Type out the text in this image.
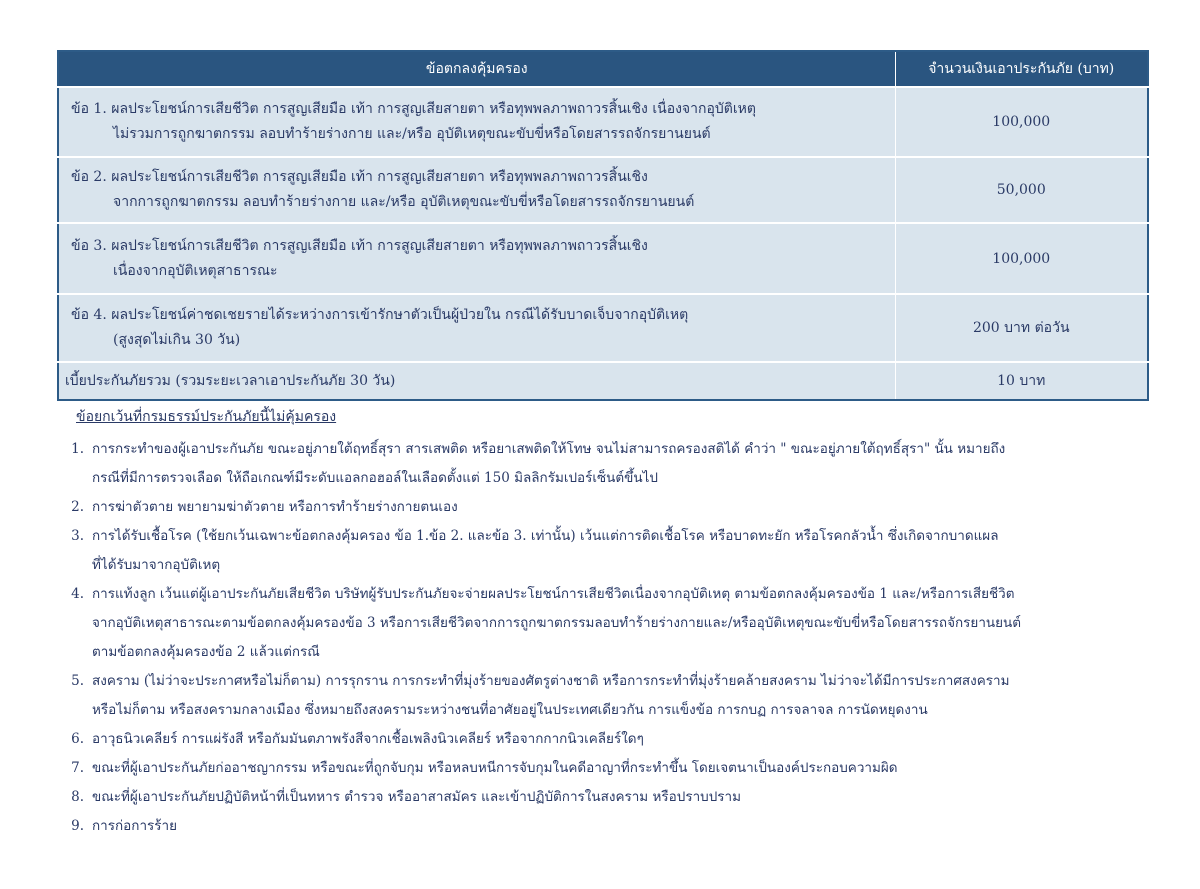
ข้อตกลงคุ้มครอง	จำนวนเงินเอาประกันภัย (บาท)

ข้อ 1. ผลประโยชน์การเสียชีวิต การสูญเสียมือ เท้า การสูญเสียสายตา หรือทุพพลภาพถาวรสิ้นเชิง เนื่องจากอุบัติเหตุ
ไม่รวมการถูกฆาตกรรม ลอบทำร้ายร่างกาย และ/หรือ อุบัติเหตุขณะขับขี่หรือโดยสารรถจักรยานยนต์	100,000

ข้อ 2. ผลประโยชน์การเสียชีวิต การสูญเสียมือ เท้า การสูญเสียสายตา หรือทุพพลภาพถาวรสิ้นเชิง
จากการถูกฆาตกรรม ลอบทำร้ายร่างกาย และ/หรือ อุบัติเหตุขณะขับขี่หรือโดยสารรถจักรยานยนต์	50,000

ข้อ 3. ผลประโยชน์การเสียชีวิต การสูญเสียมือ เท้า การสูญเสียสายตา หรือทุพพลภาพถาวรสิ้นเชิง
เนื่องจากอุบัติเหตุสาธารณะ	100,000

ข้อ 4. ผลประโยชน์ค่าชดเชยรายได้ระหว่างการเข้ารักษาตัวเป็นผู้ป่วยใน กรณีได้รับบาดเจ็บจากอุบัติเหตุ
(สูงสุดไม่เกิน 30 วัน)	200 บาท ต่อวัน
เบี้ยประกันภัยรวม (รวมระยะเวลาเอาประกันภัย 30 วัน)	10 บาท
ข้อยกเว้นที่กรมธรรม์ประกันภัยนี้ไม่คุ้มครอง
1. การกระทำของผู้เอาประกันภัย ขณะอยู่ภายใต้ฤทธิ์สุรา สารเสพติด หรือยาเสพติดให้โทษ จนไม่สามารถครองสติได้ คำว่า " ขณะอยู่ภายใต้ฤทธิ์สุรา" นั้น หมายถึง
กรณีที่มีการตรวจเลือด ให้ถือเกณฑ์มีระดับแอลกอฮอล์ในเลือดตั้งแต่ 150 มิลลิกรัมเปอร์เซ็นต์ขึ้นไป
2. การฆ่าตัวตาย พยายามฆ่าตัวตาย หรือการทำร้ายร่างกายตนเอง
3. การได้รับเชื้อโรค (ใช้ยกเว้นเฉพาะข้อตกลงคุ้มครอง ข้อ 1.ข้อ 2. และข้อ 3. เท่านั้น) เว้นแต่การติดเชื้อโรค หรือบาดทะยัก หรือโรคกลัวน้ำ ซึ่งเกิดจากบาดแผล
ที่ได้รับมาจากอุบัติเหตุ
4. การแท้งลูก เว้นแต่ผู้เอาประกันภัยเสียชีวิต บริษัทผู้รับประกันภัยจะจ่ายผลประโยชน์การเสียชีวิตเนื่องจากอุบัติเหตุ ตามข้อตกลงคุ้มครองข้อ 1 และ/หรือการเสียชีวิต
จากอุบัติเหตุสาธารณะตามข้อตกลงคุ้มครองข้อ 3 หรือการเสียชีวิตจากการถูกฆาตกรรมลอบทำร้ายร่างกายและ/หรืออุบัติเหตุขณะขับขี่หรือโดยสารรถจักรยานยนต์
ตามข้อตกลงคุ้มครองข้อ 2 แล้วแต่กรณี
5. สงคราม (ไม่ว่าจะประกาศหรือไม่ก็ตาม) การรุกราน การกระทำที่มุ่งร้ายของศัตรูต่างชาติ หรือการกระทำที่มุ่งร้ายคล้ายสงคราม ไม่ว่าจะได้มีการประกาศสงคราม
หรือไม่ก็ตาม หรือสงครามกลางเมือง ซึ่งหมายถึงสงครามระหว่างชนที่อาศัยอยู่ในประเทศเดียวกัน การแข็งข้อ การกบฏ การจลาจล การนัดหยุดงาน
6. อาวุธนิวเคลียร์ การแผ่รังสี หรือกัมมันตภาพรังสีจากเชื้อเพลิงนิวเคลียร์ หรือจากกากนิวเคลียร์ใดๆ
7. ขณะที่ผู้เอาประกันภัยก่ออาชญากรรม หรือขณะที่ถูกจับกุม หรือหลบหนีการจับกุมในคดีอาญาที่กระทำขึ้น โดยเจตนาเป็นองค์ประกอบความผิด
8. ขณะที่ผู้เอาประกันภัยปฏิบัติหน้าที่เป็นทหาร ตำรวจ หรืออาสาสมัคร และเข้าปฏิบัติการในสงคราม หรือปราบปราม
9. การก่อการร้าย
